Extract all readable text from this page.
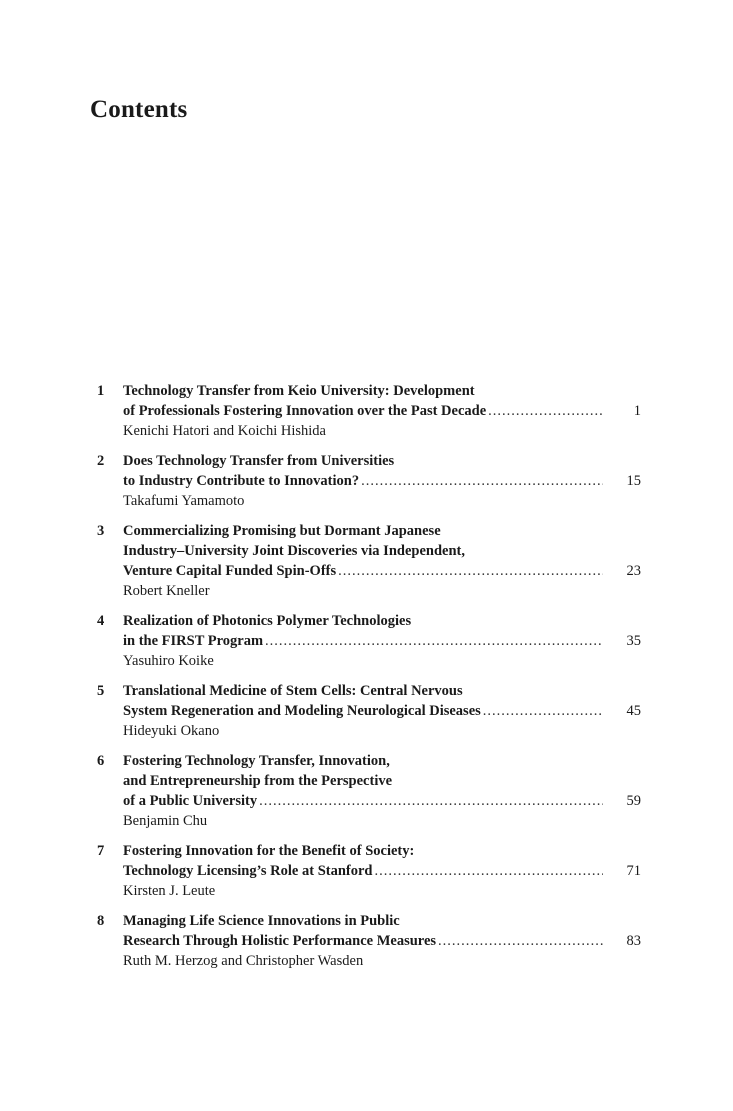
Contents
1 Technology Transfer from Keio University: Development
of Professionals Fostering Innovation over the Past Decade
.....
Kenichi Hatori and Koichi Hishida
1
2 Does Technology Transfer from Universities
to Industry Contribute to Innovation?
.....
Takafumi Yamamoto
15
3 Commercializing Promising but Dormant Japanese
Industry–University Joint Discoveries via Independent,
Venture Capital Funded Spin-Offs
.....
Robert Kneller
23
4 Realization of Photonics Polymer Technologies
in the FIRST Program
.....
Yasuhiro Koike
35
5 Translational Medicine of Stem Cells: Central Nervous
System Regeneration and Modeling Neurological Diseases
.....
Hideyuki Okano
45
6 Fostering Technology Transfer, Innovation,
and Entrepreneurship from the Perspective
of a Public University
.....
Benjamin Chu
59
7 Fostering Innovation for the Benefit of Society:
Technology Licensing’s Role at Stanford
.....
Kirsten J. Leute
71
8 Managing Life Science Innovations in Public
Research Through Holistic Performance Measures
.....
Ruth M. Herzog and Christopher Wasden
83
